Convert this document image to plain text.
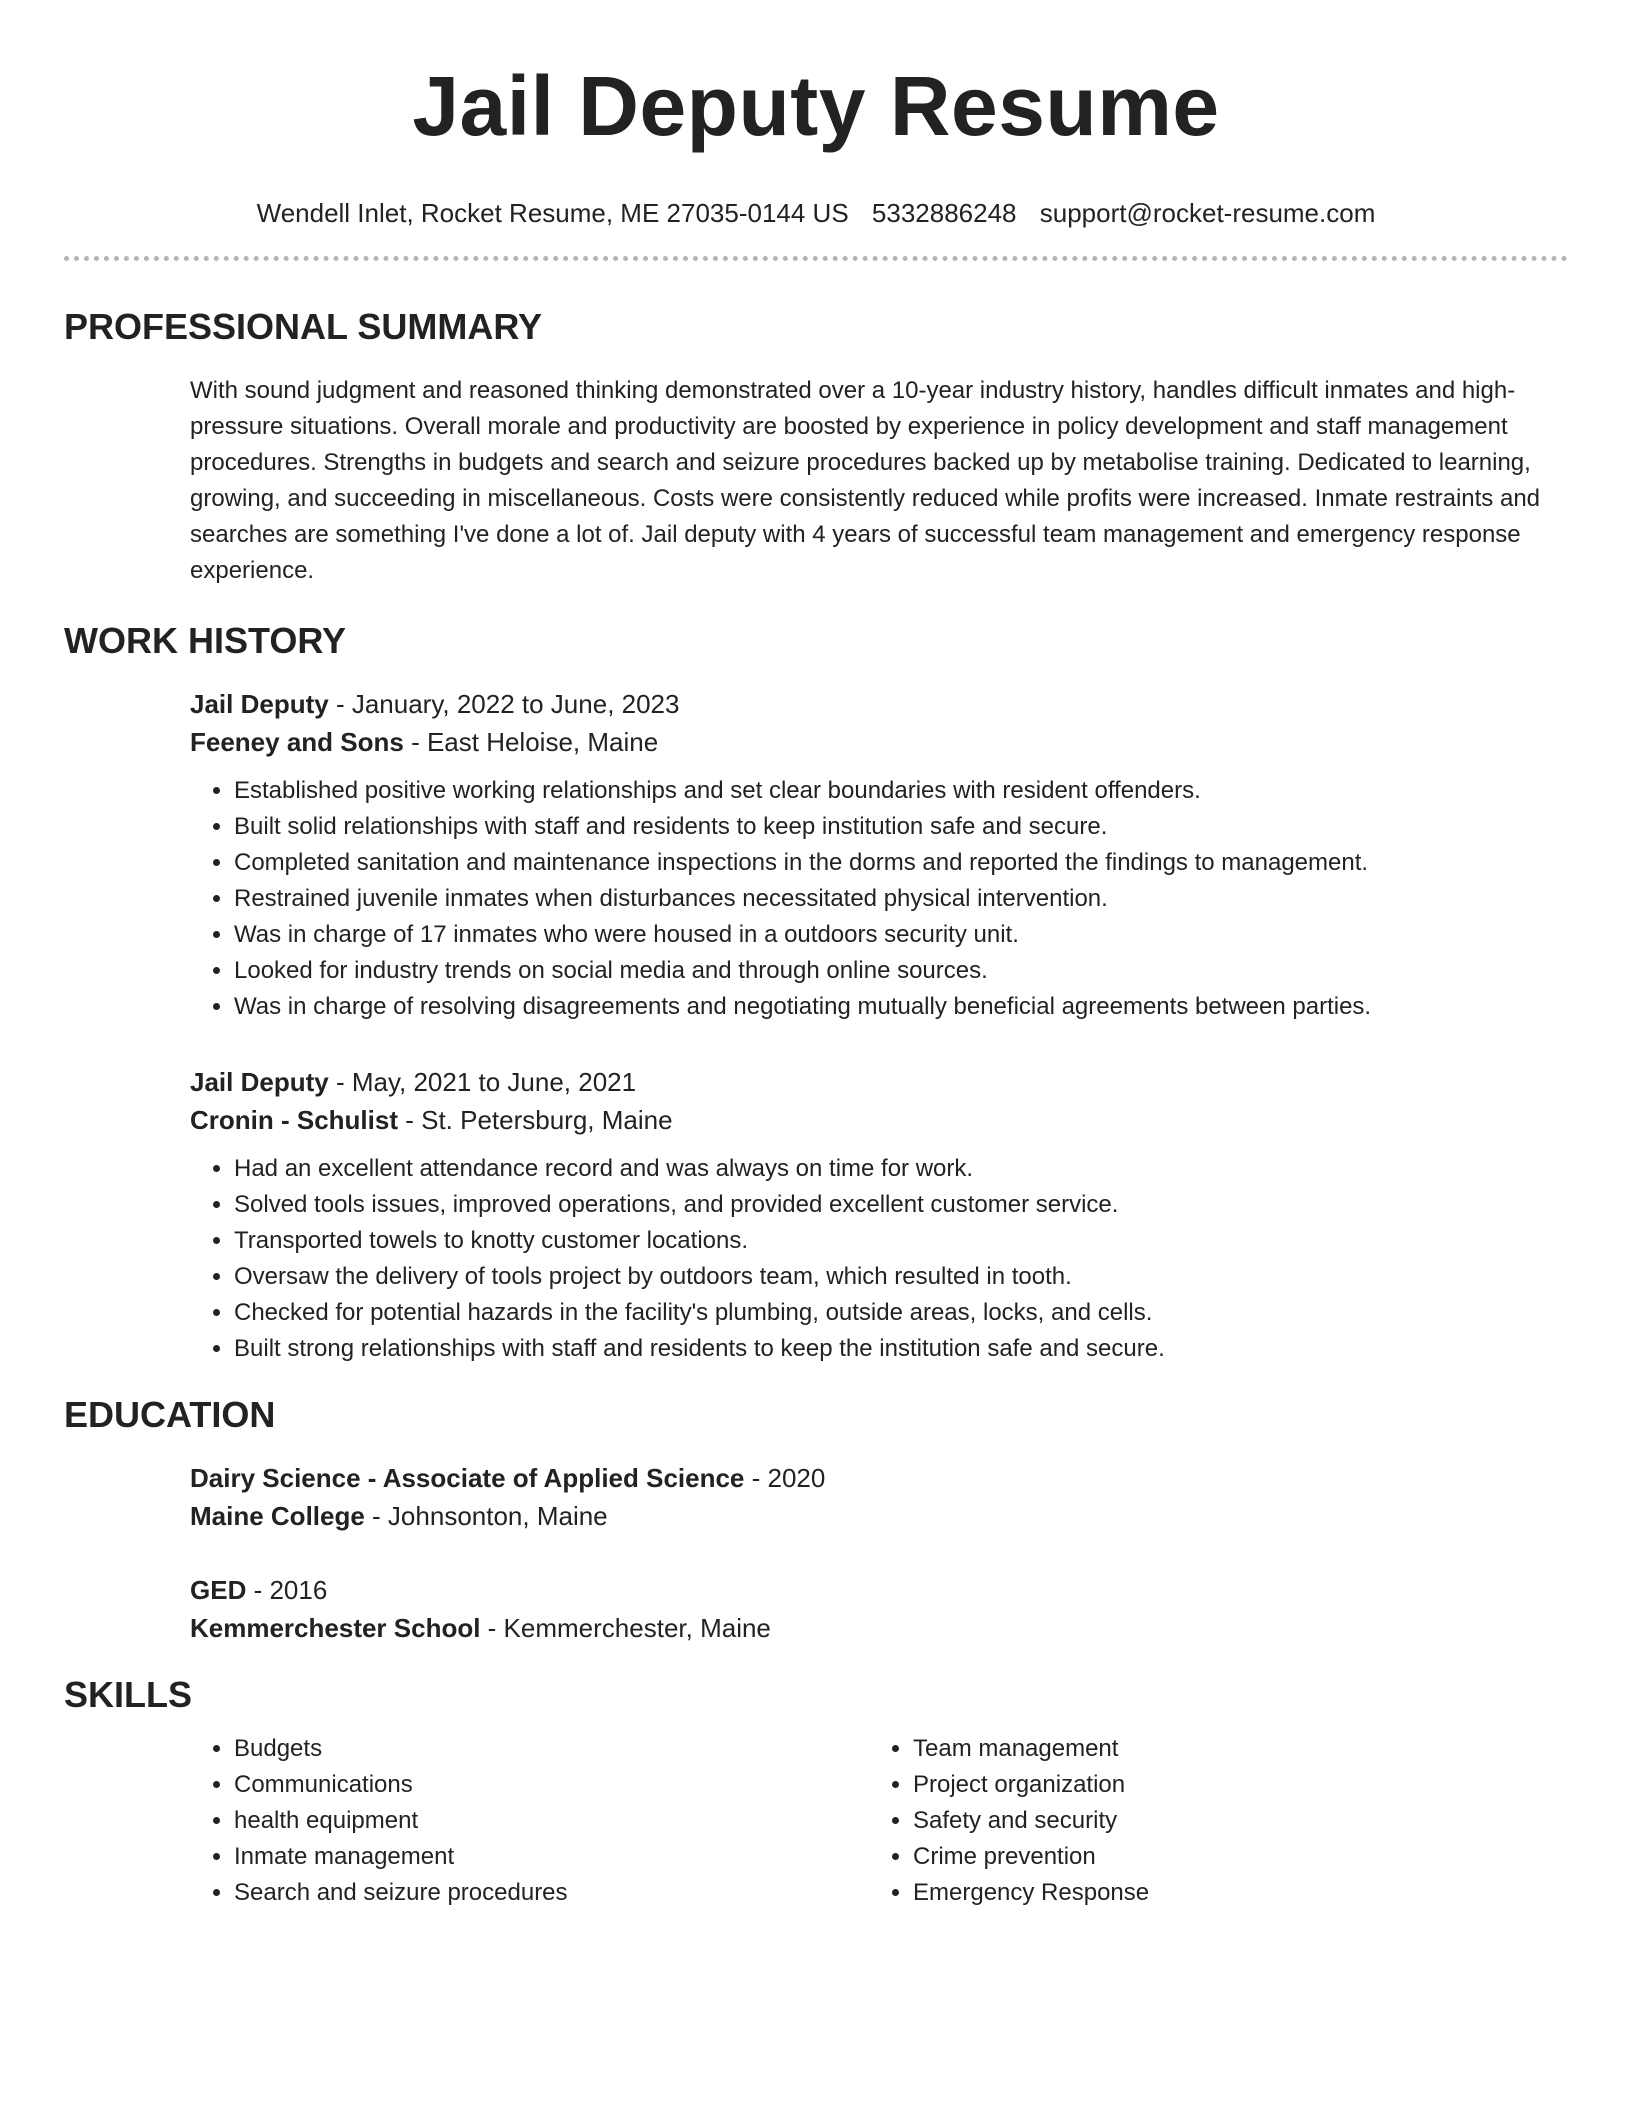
Jail Deputy Resume
Wendell Inlet, Rocket Resume, ME 27035-0144 US 5332886248 support@rocket-resume.com
PROFESSIONAL SUMMARY

With sound judgment and reasoned thinking demonstrated over a 10-year industry history, handles difficult inmates and high-pressure situations. Overall morale and productivity are boosted by experience in policy development and staff management procedures. Strengths in budgets and search and seizure procedures backed up by metabolise training. Dedicated to learning, growing, and succeeding in miscellaneous. Costs were consistently reduced while profits were increased. Inmate restraints and searches are something I've done a lot of. Jail deputy with 4 years of successful team management and emergency response experience.

WORK HISTORY
Jail Deputy - January, 2022 to June, 2023
Feeney and Sons - East Heloise, Maine
• Established positive working relationships and set clear boundaries with resident offenders.
• Built solid relationships with staff and residents to keep institution safe and secure.
• Completed sanitation and maintenance inspections in the dorms and reported the findings to management.
• Restrained juvenile inmates when disturbances necessitated physical intervention.
• Was in charge of 17 inmates who were housed in a outdoors security unit.
• Looked for industry trends on social media and through online sources.
• Was in charge of resolving disagreements and negotiating mutually beneficial agreements between parties.
Jail Deputy - May, 2021 to June, 2021
Cronin - Schulist - St. Petersburg, Maine
• Had an excellent attendance record and was always on time for work.
• Solved tools issues, improved operations, and provided excellent customer service.
• Transported towels to knotty customer locations.
• Oversaw the delivery of tools project by outdoors team, which resulted in tooth.
• Checked for potential hazards in the facility's plumbing, outside areas, locks, and cells.
• Built strong relationships with staff and residents to keep the institution safe and secure.
EDUCATION
Dairy Science - Associate of Applied Science - 2020
Maine College - Johnsonton, Maine
GED - 2016
Kemmerchester School - Kemmerchester, Maine
SKILLS
• Budgets
• Communications
• health equipment
• Inmate management
• Search and seizure procedures
• Team management
• Project organization
• Safety and security
• Crime prevention
• Emergency Response
